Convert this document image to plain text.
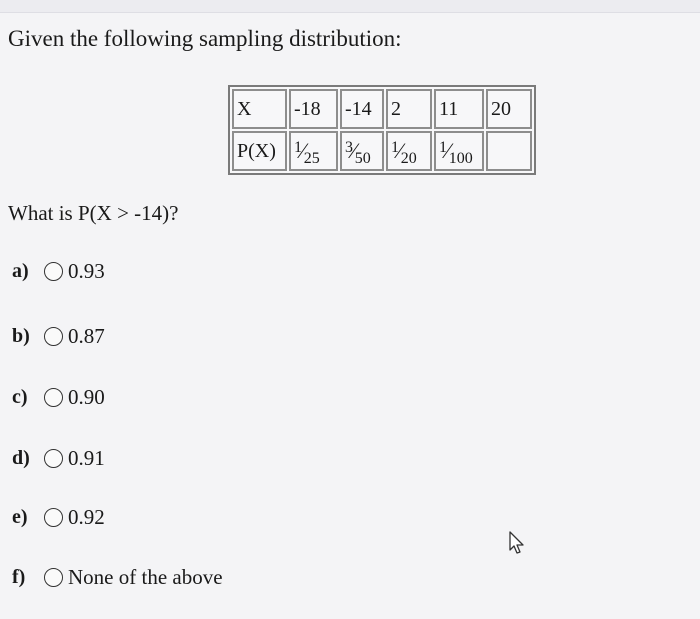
Given the following sampling distribution:
X	-18	-14	2	11	20
P(X)	1⁄25	3⁄50	1⁄20	1⁄100	
What is P(X > -14)?
a)	0.93
b)	0.87
c)	0.90
d)	0.91
e)	0.92
f)	None of the above
